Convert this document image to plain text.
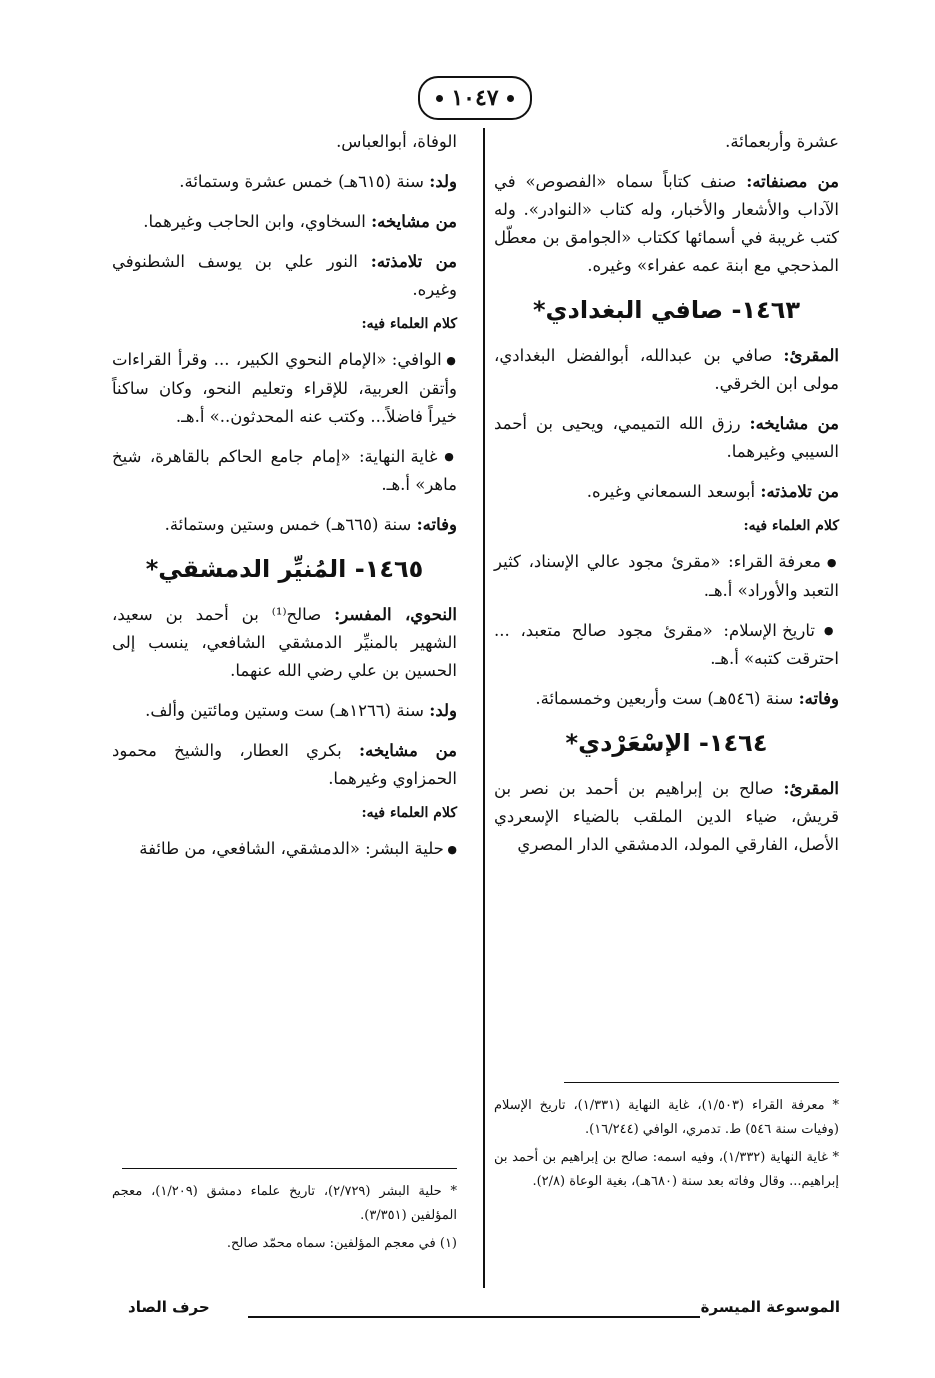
١٠٤٧

عشرة وأربعمائة.

من مصنفاته: صنف كتاباً سماه «الفصوص» في الآداب والأشعار والأخبار، وله كتاب «النوادر». وله كتب غريبة في أسمائها ككتاب «الجوامق بن معطّل المذحجي مع ابنة عمه عفراء» وغيره.

١٤٦٣- صافي البغدادي*

المقرئ: صافي بن عبدالله، أبوالفضل البغدادي، مولى ابن الخرقي.

من مشايخه: رزق الله التميمي، ويحيى بن أحمد السيبي وغيرهما.

من تلامذته: أبوسعد السمعاني وغيره.

كلام العلماء فيه:

● معرفة القراء: «مقرئ مجود عالي الإسناد، كثير التعبد والأوراد» أ.هـ.

● تاريخ الإسلام: «مقرئ مجود صالح متعبد، ... احترقت كتبه» أ.هـ.

وفاته: سنة (٥٤٦هـ) ست وأربعين وخمسمائة.

١٤٦٤- الإسْعَرْدي*

المقرئ: صالح بن إبراهيم بن أحمد بن نصر بن قريش، ضياء الدين الملقب بالضياء الإسعردي الأصل، الفارقي المولد، الدمشقي الدار المصري

* معرفة القراء (١/٥٠٣)، غاية النهاية (١/٣٣١)، تاريخ الإسلام (وفيات سنة ٥٤٦) ط. تدمري، الوافي (١٦/٢٤٤).

* غاية النهاية (١/٣٣٢)، وفيه اسمه: صالح بن إبراهيم بن أحمد بن إبراهيم... وقال وفاته بعد سنة (٦٨٠هـ)، بغية الوعاة (٢/٨).

الوفاة، أبوالعباس.

ولد: سنة (٦١٥هـ) خمس عشرة وستمائة.

من مشايخه: السخاوي، وابن الحاجب وغيرهما.

من تلامذته: النور علي بن يوسف الشطنوفي وغيره.

كلام العلماء فيه:

● الوافي: «الإمام النحوي الكبير، ... وقرأ القراءات وأتقن العربية، للإقراء وتعليم النحو، وكان ساكناً خيراً فاضلاً... وكتب عنه المحدثون..» أ.هـ.

● غاية النهاية: «إمام جامع الحاكم بالقاهرة، شيخ ماهر» أ.هـ.

وفاته: سنة (٦٦٥هـ) خمس وستين وستمائة.

١٤٦٥- المُنيِّر الدمشقي*

النحوي، المفسر: صالح⁽¹⁾ بن أحمد بن سعيد، الشهير بالمنيِّر الدمشقي الشافعي، ينسب إلى الحسين بن علي رضي الله عنهما.

ولد: سنة (١٢٦٦هـ) ست وستين ومائتين وألف.

من مشايخه: بكري العطار، والشيخ محمود الحمزاوي وغيرهما.

كلام العلماء فيه:

● حلية البشر: «الدمشقي، الشافعي، من طائفة

* حلية البشر (٢/٧٢٩)، تاريخ علماء دمشق (١/٢٠٩)، معجم المؤلفين (٣/٣٥١).

(١) في معجم المؤلفين: سماه محمّد صالح.

الموسوعة الميسرة
حرف الصاد
